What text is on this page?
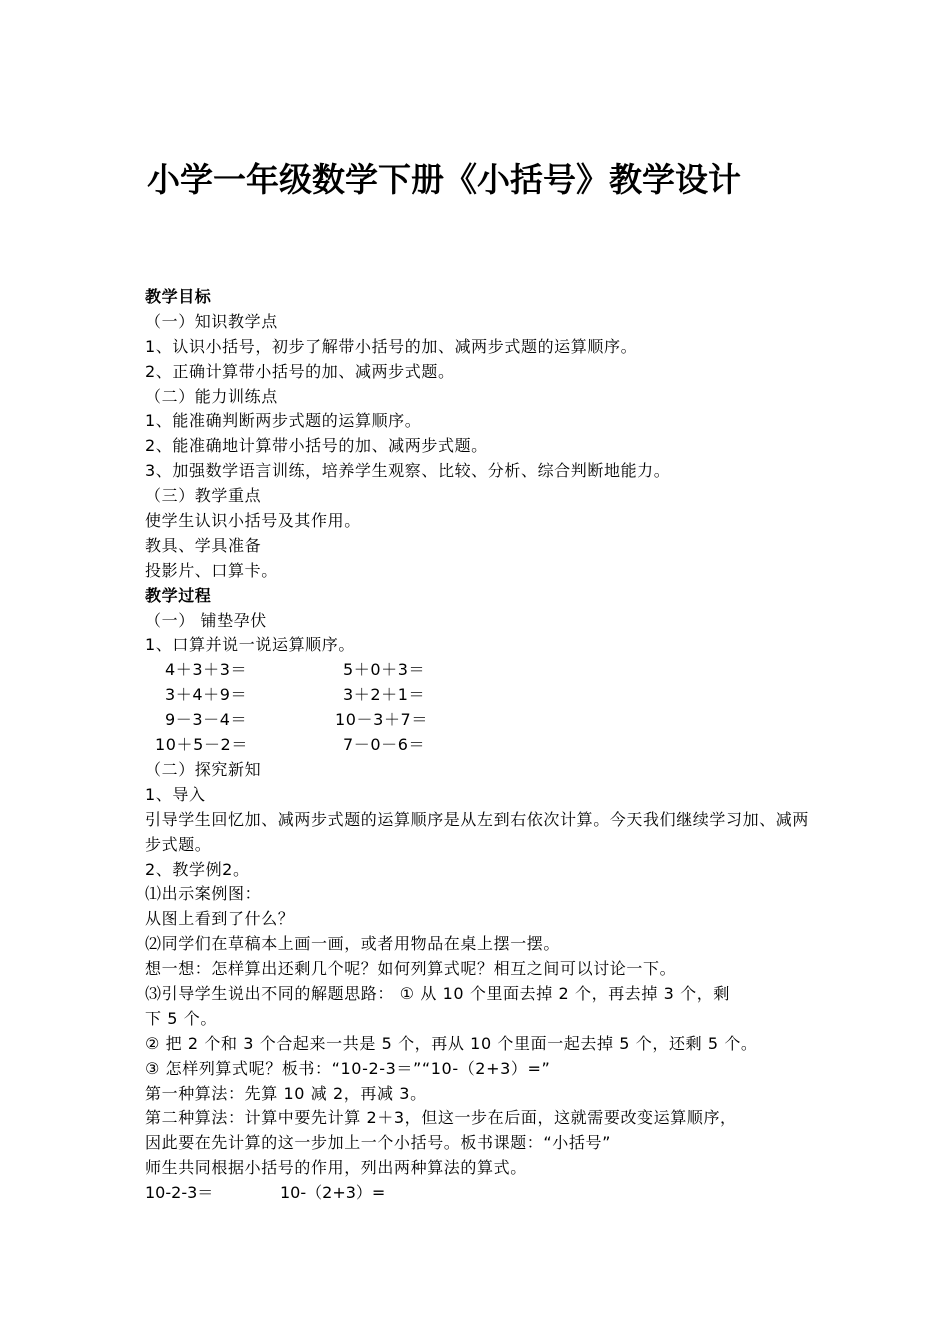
小学一年级数学下册《小括号》教学设计
教学目标
（一）知识教学点
1、认识小括号，初步了解带小括号的加、减两步式题的运算顺序。
2、正确计算带小括号的加、减两步式题。
（二）能力训练点
1、能准确判断两步式题的运算顺序。
2、能准确地计算带小括号的加、减两步式题。
3、加强数学语言训练，培养学生观察、比较、分析、综合判断地能力。
（三）教学重点
使学生认识小括号及其作用。
教具、学具准备
投影片、口算卡。
教学过程
（一） 铺垫孕伏
1、口算并说一说运算顺序。
4＋3＋3＝	5＋0＋3＝
3＋4＋9＝	3＋2＋1＝
9－3－4＝	10－3＋7＝
10＋5－2＝	7－0－6＝
（二）探究新知
1、导入
引导学生回忆加、减两步式题的运算顺序是从左到右依次计算。今天我们继续学习加、减两步式题。
2、教学例2。
⑴出示案例图：
从图上看到了什么？
⑵同学们在草稿本上画一画，或者用物品在桌上摆一摆。
想一想：怎样算出还剩几个呢？如何列算式呢？相互之间可以讨论一下。
⑶引导学生说出不同的解题思路： ① 从 10 个里面去掉 2 个，再去掉 3 个，剩
下 5 个。
② 把 2 个和 3 个合起来一共是 5 个，再从 10 个里面一起去掉 5 个，还剩 5 个。
③ 怎样列算式呢？板书：“10-2-3＝”“10-（2+3）=”
第一种算法：先算 10 减 2，再减 3。
第二种算法：计算中要先计算 2＋3，但这一步在后面，这就需要改变运算顺序，
因此要在先计算的这一步加上一个小括号。板书课题：“小括号”
师生共同根据小括号的作用，列出两种算法的算式。
10-2-3＝	10-（2+3）=
